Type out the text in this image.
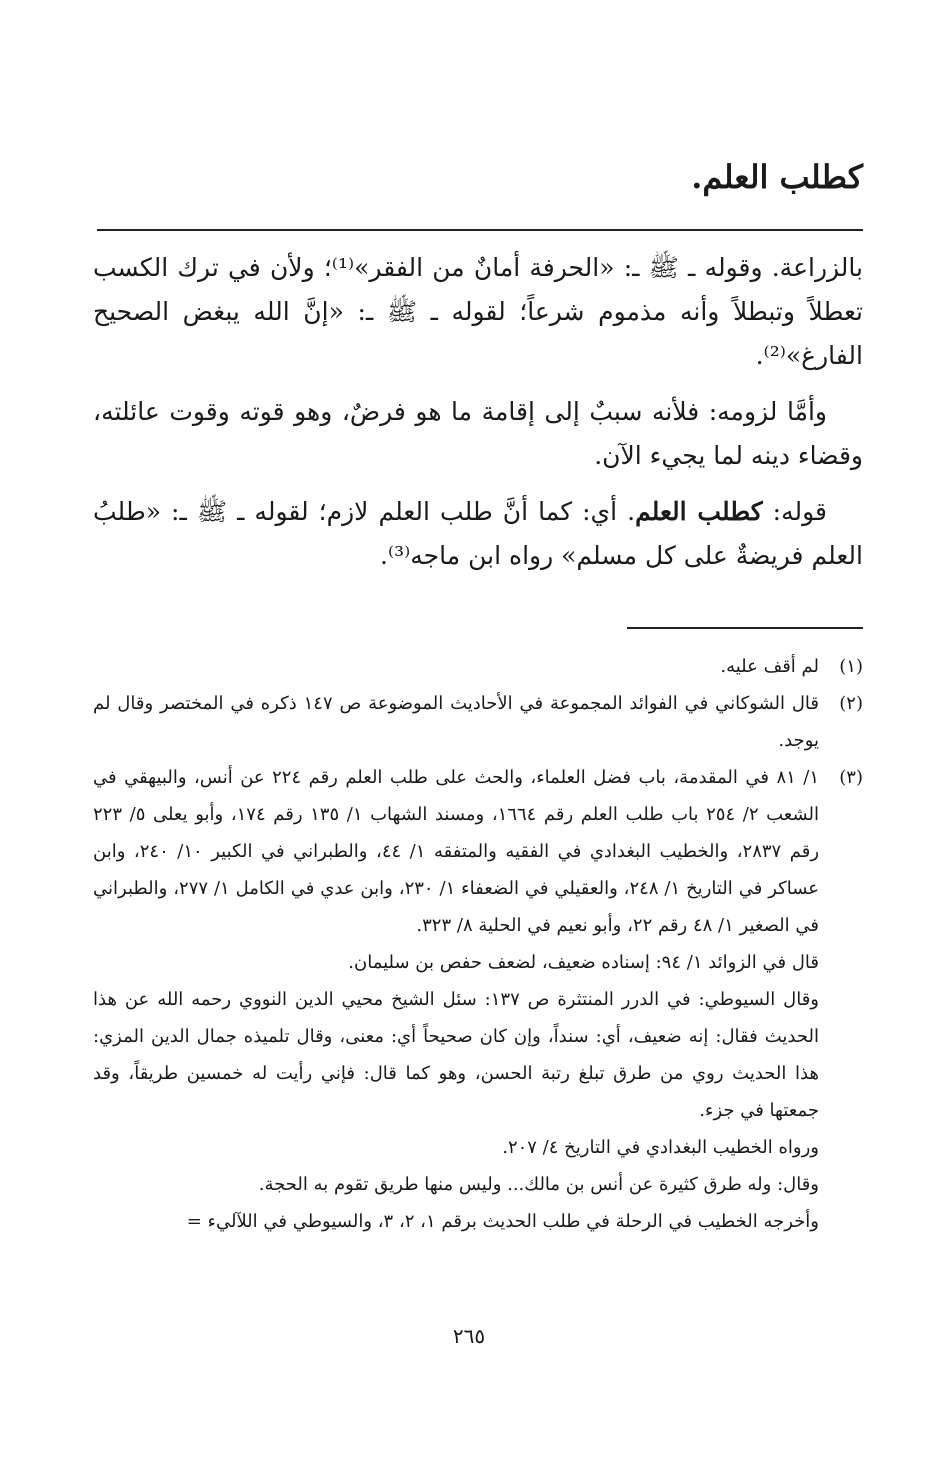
كطلب العلم.

بالزراعة. وقوله ـ ﷺ ـ: «الحرفة أمانٌ من الفقر»⁽¹⁾؛ ولأن في ترك الكسب تعطلاً وتبطلاً وأنه مذموم شرعاً؛ لقوله ـ ﷺ ـ: «إنَّ الله يبغض الصحيح الفارغ»⁽²⁾.

وأمَّا لزومه: فلأنه سببٌ إلى إقامة ما هو فرضٌ، وهو قوته وقوت عائلته، وقضاء دينه لما يجيء الآن.

قوله: كطلب العلم. أي: كما أنَّ طلب العلم لازم؛ لقوله ـ ﷺ ـ: «طلبُ العلم فريضةٌ على كل مسلم» رواه ابن ماجه⁽³⁾.

(١)
لم أقف عليه.
(٢)
قال الشوكاني في الفوائد المجموعة في الأحاديث الموضوعة ص ١٤٧ ذكره في المختصر وقال لم يوجد.
(٣)
١/ ٨١ في المقدمة، باب فضل العلماء، والحث على طلب العلم رقم ٢٢٤ عن أنس، والبيهقي في الشعب ٢/ ٢٥٤ باب طلب العلم رقم ١٦٦٤، ومسند الشهاب ١/ ١٣٥ رقم ١٧٤، وأبو يعلى ٥/ ٢٢٣ رقم ٢٨٣٧، والخطيب البغدادي في الفقيه والمتفقه ١/ ٤٤، والطبراني في الكبير ١٠/ ٢٤٠، وابن عساكر في التاريخ ١/ ٢٤٨، والعقيلي في الضعفاء ١/ ٢٣٠، وابن عدي في الكامل ١/ ٢٧٧، والطبراني في الصغير ١/ ٤٨ رقم ٢٢، وأبو نعيم في الحلية ٨/ ٣٢٣.
قال في الزوائد ١/ ٩٤: إسناده ضعيف، لضعف حفص بن سليمان.
وقال السيوطي: في الدرر المنتثرة ص ١٣٧: سئل الشيخ محيي الدين النووي رحمه الله عن هذا الحديث فقال: إنه ضعيف، أي: سنداً، وإن كان صحيحاً أي: معنى، وقال تلميذه جمال الدين المزي: هذا الحديث روي من طرق تبلغ رتبة الحسن، وهو كما قال: فإني رأيت له خمسين طريقاً، وقد جمعتها في جزء.
ورواه الخطيب البغدادي في التاريخ ٤/ ٢٠٧.
وقال: وله طرق كثيرة عن أنس بن مالك... وليس منها طريق تقوم به الحجة.
وأخرجه الخطيب في الرحلة في طلب الحديث برقم ١، ٢، ٣، والسيوطي في اللآليء =
٢٦٥
